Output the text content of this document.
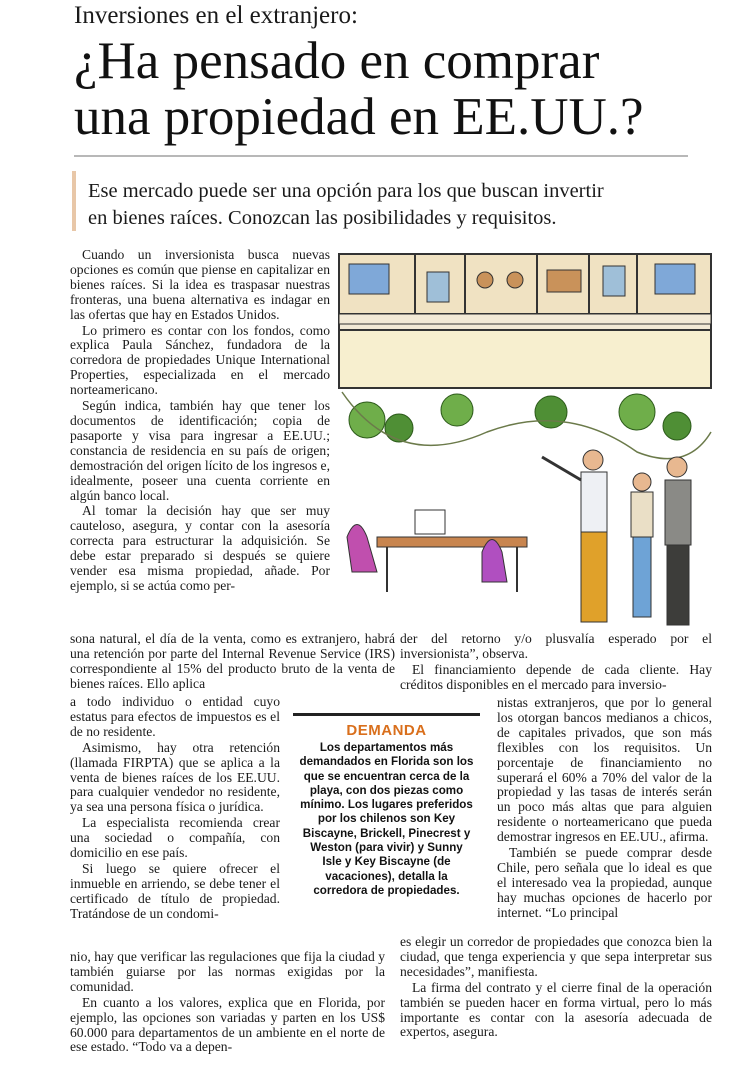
Inversiones en el extranjero:
¿Ha pensado en comprar
una propiedad en EE.UU.?
Ese mercado puede ser una opción para los que buscan invertir
en bienes raíces. Conozcan las posibilidades y requisitos.

Cuando un inversionista busca nuevas opciones es común que piense en capitalizar en bienes raíces. Si la idea es traspasar nuestras fronteras, una buena alternativa es indagar en las ofertas que hay en Estados Unidos.

Lo primero es contar con los fondos, como explica Paula Sánchez, fundadora de la corredora de propiedades Unique International Properties, especializada en el mercado norteamericano.

Según indica, también hay que tener los documentos de identificación; copia de pasaporte y visa para ingresar a EE.UU.; constancia de residencia en su país de origen; demostración del origen lícito de los ingresos e, idealmente, poseer una cuenta corriente en algún banco local.

Al tomar la decisión hay que ser muy cauteloso, asegura, y contar con la asesoría correcta para estructurar la adquisición. Se debe estar preparado si después se quiere vender esa misma propiedad, añade. Por ejemplo, si se actúa como per-

sona natural, el día de la venta, como es extranjero, habrá una retención por parte del Internal Revenue Service (IRS) correspondiente al 15% del producto bruto de la venta de bienes raíces. Ello aplica

a todo individuo o entidad cuyo estatus para efectos de impuestos es el de no residente.

Asimismo, hay otra retención (llamada FIRPTA) que se aplica a la venta de bienes raíces de los EE.UU. para cualquier vendedor no residente, ya sea una persona física o jurídica.

La especialista recomienda crear una sociedad o compañía, con domicilio en ese país.

Si luego se quiere ofrecer el inmueble en arriendo, se debe tener el certificado de título de propiedad. Tratándose de un condomi-

nio, hay que verificar las regulaciones que fija la ciudad y también guiarse por las normas exigidas por la comunidad.

En cuanto a los valores, explica que en Florida, por ejemplo, las opciones son variadas y parten en los US$ 60.000 para departamentos de un ambiente en el norte de ese estado. “Todo va a depen-

DEMANDA
Los departamentos más demandados en Florida son los que se encuentran cerca de la playa, con dos piezas como mínimo. Los lugares preferidos por los chilenos son Key Biscayne, Brickell, Pinecrest y Weston (para vivir) y Sunny Isle y Key Biscayne (de vacaciones), detalla la corredora de propiedades.

der del retorno y/o plusvalía esperado por el inversionista”, observa.

El financiamiento depende de cada cliente. Hay créditos disponibles en el mercado para inversio-

nistas extranjeros, que por lo general los otorgan bancos medianos a chicos, de capitales privados, que son más flexibles con los requisitos. Un porcentaje de financiamiento no superará el 60% a 70% del valor de la propiedad y las tasas de interés serán un poco más altas que para alguien residente o norteamericano que pueda demostrar ingresos en EE.UU., afirma.

También se puede comprar desde Chile, pero señala que lo ideal es que el interesado vea la propiedad, aunque hay muchas opciones de hacerlo por internet. “Lo principal

es elegir un corredor de propiedades que conozca bien la ciudad, que tenga experiencia y que sepa interpretar sus necesidades”, manifiesta.

La firma del contrato y el cierre final de la operación también se pueden hacer en forma virtual, pero lo más importante es contar con la asesoría adecuada de expertos, asegura.
